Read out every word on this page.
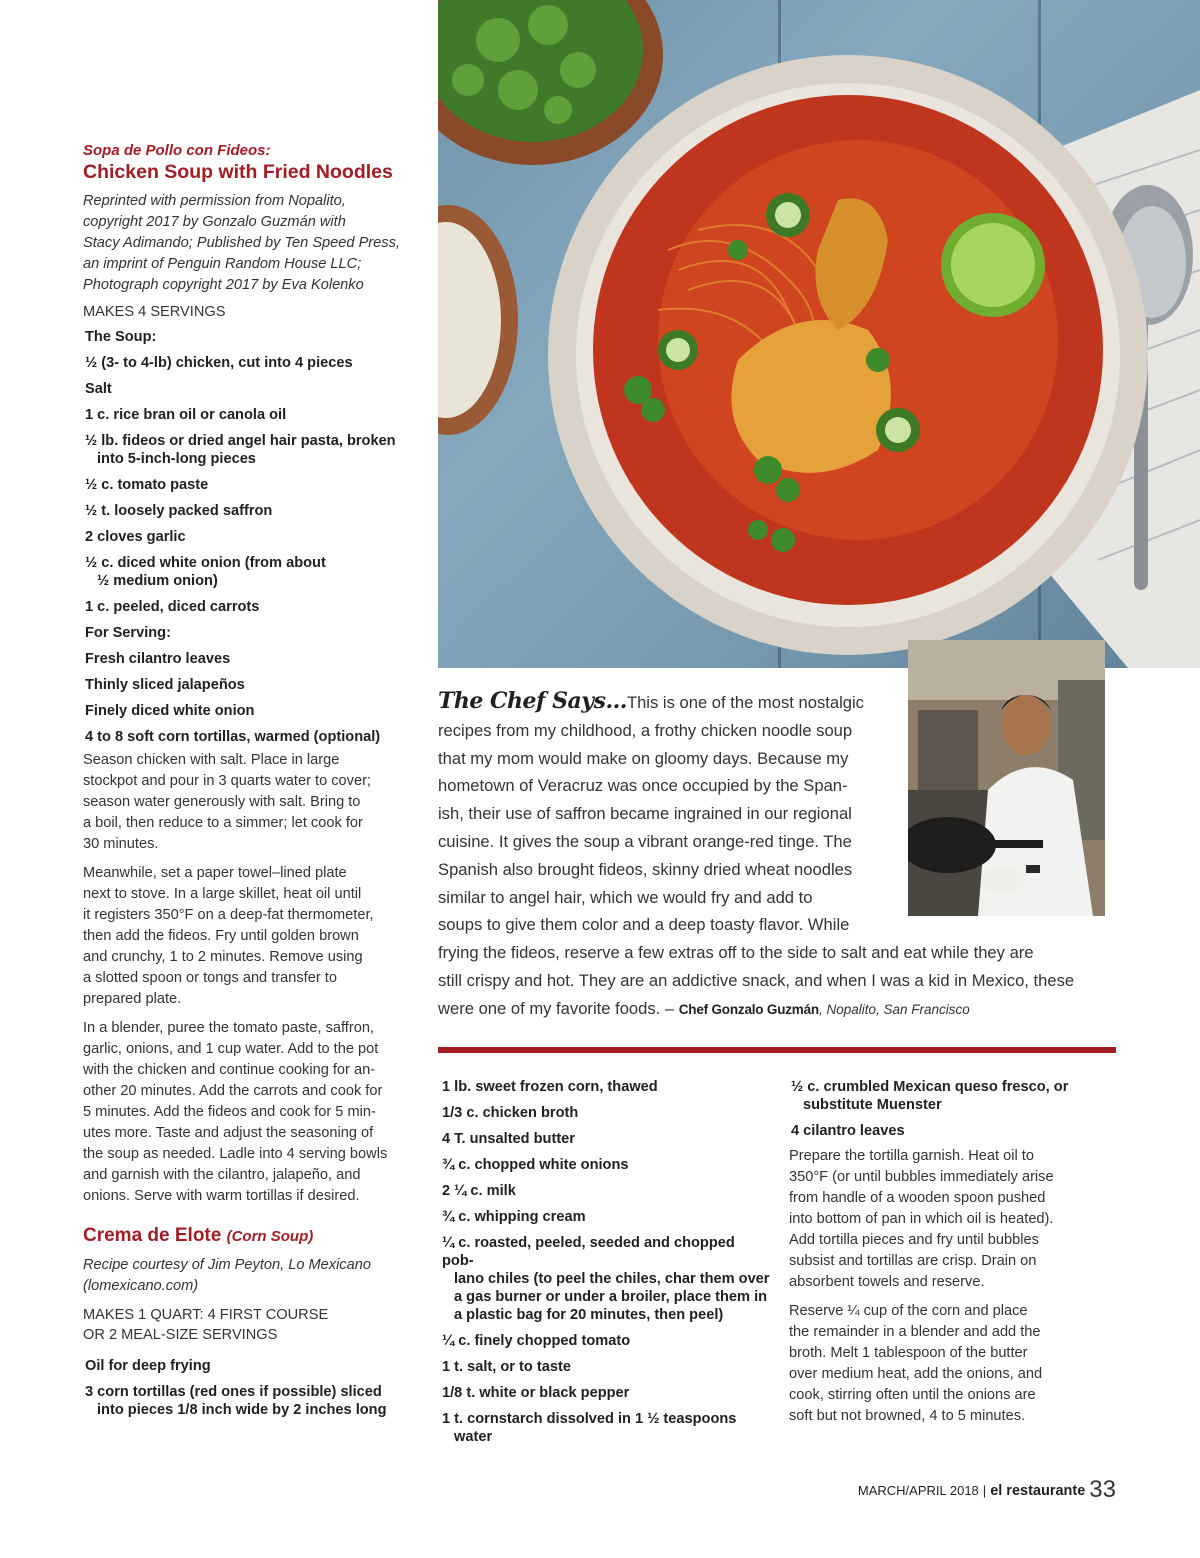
Sopa de Pollo con Fideos:
Chicken Soup with Fried Noodles
Reprinted with permission from Nopalito,
copyright 2017 by Gonzalo Guzmán with
Stacy Adimando; Published by Ten Speed Press,
an imprint of Penguin Random House LLC;
Photograph copyright 2017 by Eva Kolenko
MAKES 4 SERVINGS
The Soup:
½ (3- to 4-lb) chicken, cut into 4 pieces
Salt
1 c. rice bran oil or canola oil
½ lb. fideos or dried angel hair pasta, broken
into 5-inch-long pieces
½ c. tomato paste
½ t. loosely packed saffron
2 cloves garlic
½ c. diced white onion (from about
½ medium onion)
1 c. peeled, diced carrots
For Serving:
Fresh cilantro leaves
Thinly sliced jalapeños
Finely diced white onion
4 to 8 soft corn tortillas, warmed (optional)
Season chicken with salt. Place in large
stockpot and pour in 3 quarts water to cover;
season water generously with salt. Bring to
a boil, then reduce to a simmer; let cook for
30 minutes.
Meanwhile, set a paper towel–lined plate
next to stove. In a large skillet, heat oil until
it registers 350°F on a deep-fat thermometer,
then add the fideos. Fry until golden brown
and crunchy, 1 to 2 minutes. Remove using
a slotted spoon or tongs and transfer to
prepared plate.
In a blender, puree the tomato paste, saffron,
garlic, onions, and 1 cup water. Add to the pot
with the chicken and continue cooking for an-
other 20 minutes. Add the carrots and cook for
5 minutes. Add the fideos and cook for 5 min-
utes more. Taste and adjust the seasoning of
the soup as needed. Ladle into 4 serving bowls
and garnish with the cilantro, jalapeño, and
onions. Serve with warm tortillas if desired.
Crema de Elote (Corn Soup)
Recipe courtesy of Jim Peyton, Lo Mexicano
(lomexicano.com)
MAKES 1 QUART: 4 FIRST COURSE
OR 2 MEAL-SIZE SERVINGS
Oil for deep frying
3 corn tortillas (red ones if possible) sliced
into pieces 1/8 inch wide by 2 inches long
The Chef Says...This is one of the most nostalgic
recipes from my childhood, a frothy chicken noodle soup
that my mom would make on gloomy days. Because my
hometown of Veracruz was once occupied by the Span-
ish, their use of saffron became ingrained in our regional
cuisine. It gives the soup a vibrant orange-red tinge. The
Spanish also brought fideos, skinny dried wheat noodles
similar to angel hair, which we would fry and add to
soups to give them color and a deep toasty flavor. While
frying the fideos, reserve a few extras off to the side to salt and eat while they are
still crispy and hot. They are an addictive snack, and when I was a kid in Mexico, these
were one of my favorite foods. – Chef Gonzalo Guzmán, Nopalito, San Francisco
1 lb. sweet frozen corn, thawed
1/3 c. chicken broth
4 T. unsalted butter
¾ c. chopped white onions
2 ¼ c. milk
¾ c. whipping cream
¼ c. roasted, peeled, seeded and chopped pob-
lano chiles (to peel the chiles, char them over
a gas burner or under a broiler, place them in
a plastic bag for 20 minutes, then peel)
¼ c. finely chopped tomato
1 t. salt, or to taste
1/8 t. white or black pepper
1 t. cornstarch dissolved in 1 ½ teaspoons
water
½ c. crumbled Mexican queso fresco, or
substitute Muenster
4 cilantro leaves
Prepare the tortilla garnish. Heat oil to
350°F (or until bubbles immediately arise
from handle of a wooden spoon pushed
into bottom of pan in which oil is heated).
Add tortilla pieces and fry until bubbles
subsist and tortillas are crisp. Drain on
absorbent towels and reserve.
Reserve ¼ cup of the corn and place
the remainder in a blender and add the
broth. Melt 1 tablespoon of the butter
over medium heat, add the onions, and
cook, stirring often until the onions are
soft but not browned, 4 to 5 minutes.
MARCH/APRIL 2018 | el restaurante 33
